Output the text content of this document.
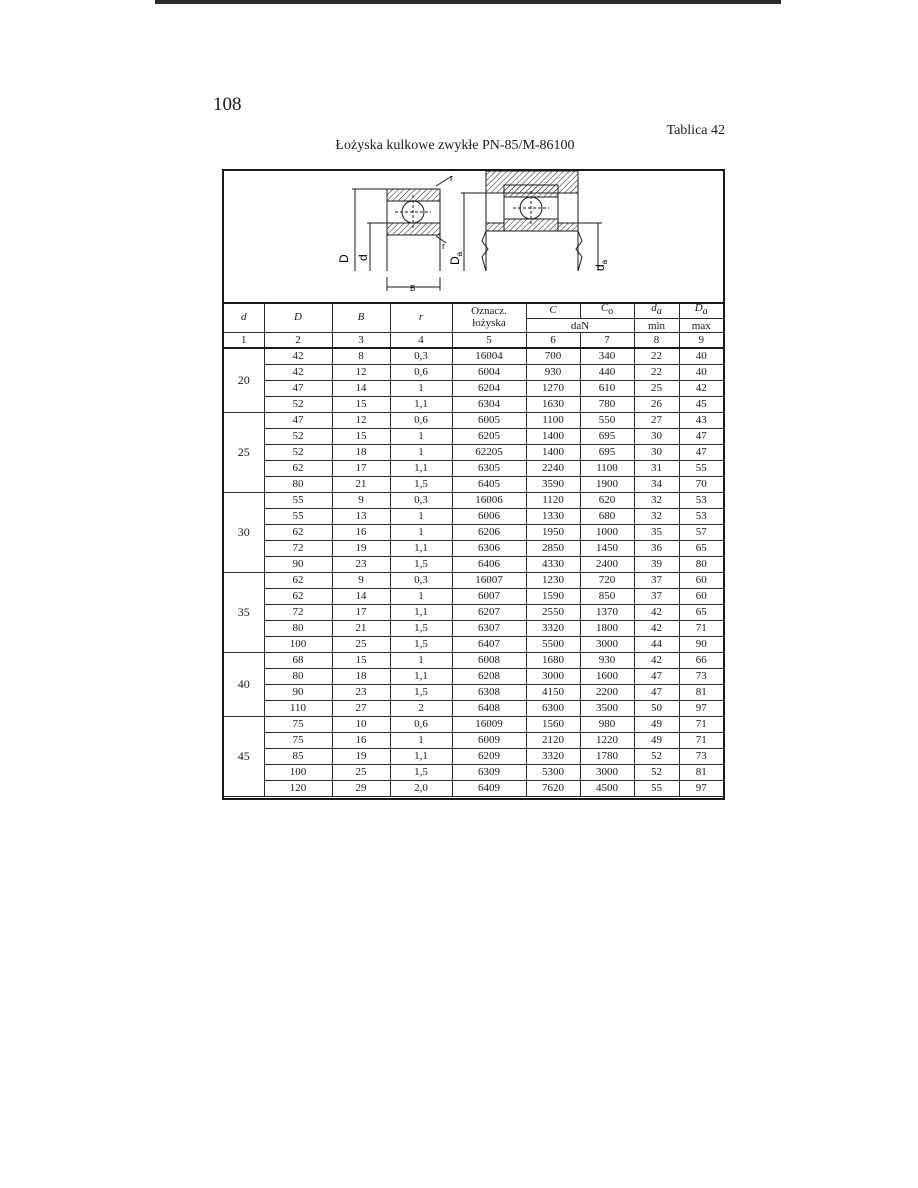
108
Tablica 42
Łożyska kulkowe zwykłe PN-85/M-86100
D d
B
r
r
$D_a$
$d_a$
d	D	B	r	Oznacz.
łożyska	C	$C_o$	$d_a$	$D_a$
					daN		min	max
1	2	3	4	5	6	7	8	9
20	42	8	0,3	16004	700	340	22	40
	42	12	0,6	6004	930	440	22	40
	47	14	1	6204	1270	610	25	42
	52	15	1,1	6304	1630	780	26	45
25	47	12	0,6	6005	1100	550	27	43
	52	15	1	6205	1400	695	30	47
	52	18	1	62205	1400	695	30	47
	62	17	1,1	6305	2240	1100	31	55
	80	21	1,5	6405	3590	1900	34	70
30	55	9	0,3	16006	1120	620	32	53
	55	13	1	6006	1330	680	32	53
	62	16	1	6206	1950	1000	35	57
	72	19	1,1	6306	2850	1450	36	65
	90	23	1,5	6406	4330	2400	39	80
35	62	9	0,3	16007	1230	720	37	60
	62	14	1	6007	1590	850	37	60
	72	17	1,1	6207	2550	1370	42	65
	80	21	1,5	6307	3320	1800	42	71
	100	25	1,5	6407	5500	3000	44	90
40	68	15	1	6008	1680	930	42	66
	80	18	1,1	6208	3000	1600	47	73
	90	23	1,5	6308	4150	2200	47	81
	110	27	2	6408	6300	3500	50	97
45	75	10	0,6	16009	1560	980	49	71
	75	16	1	6009	2120	1220	49	71
	85	19	1,1	6209	3320	1780	52	73
	100	25	1,5	6309	5300	3000	52	81
	120	29	2,0	6409	7620	4500	55	97
